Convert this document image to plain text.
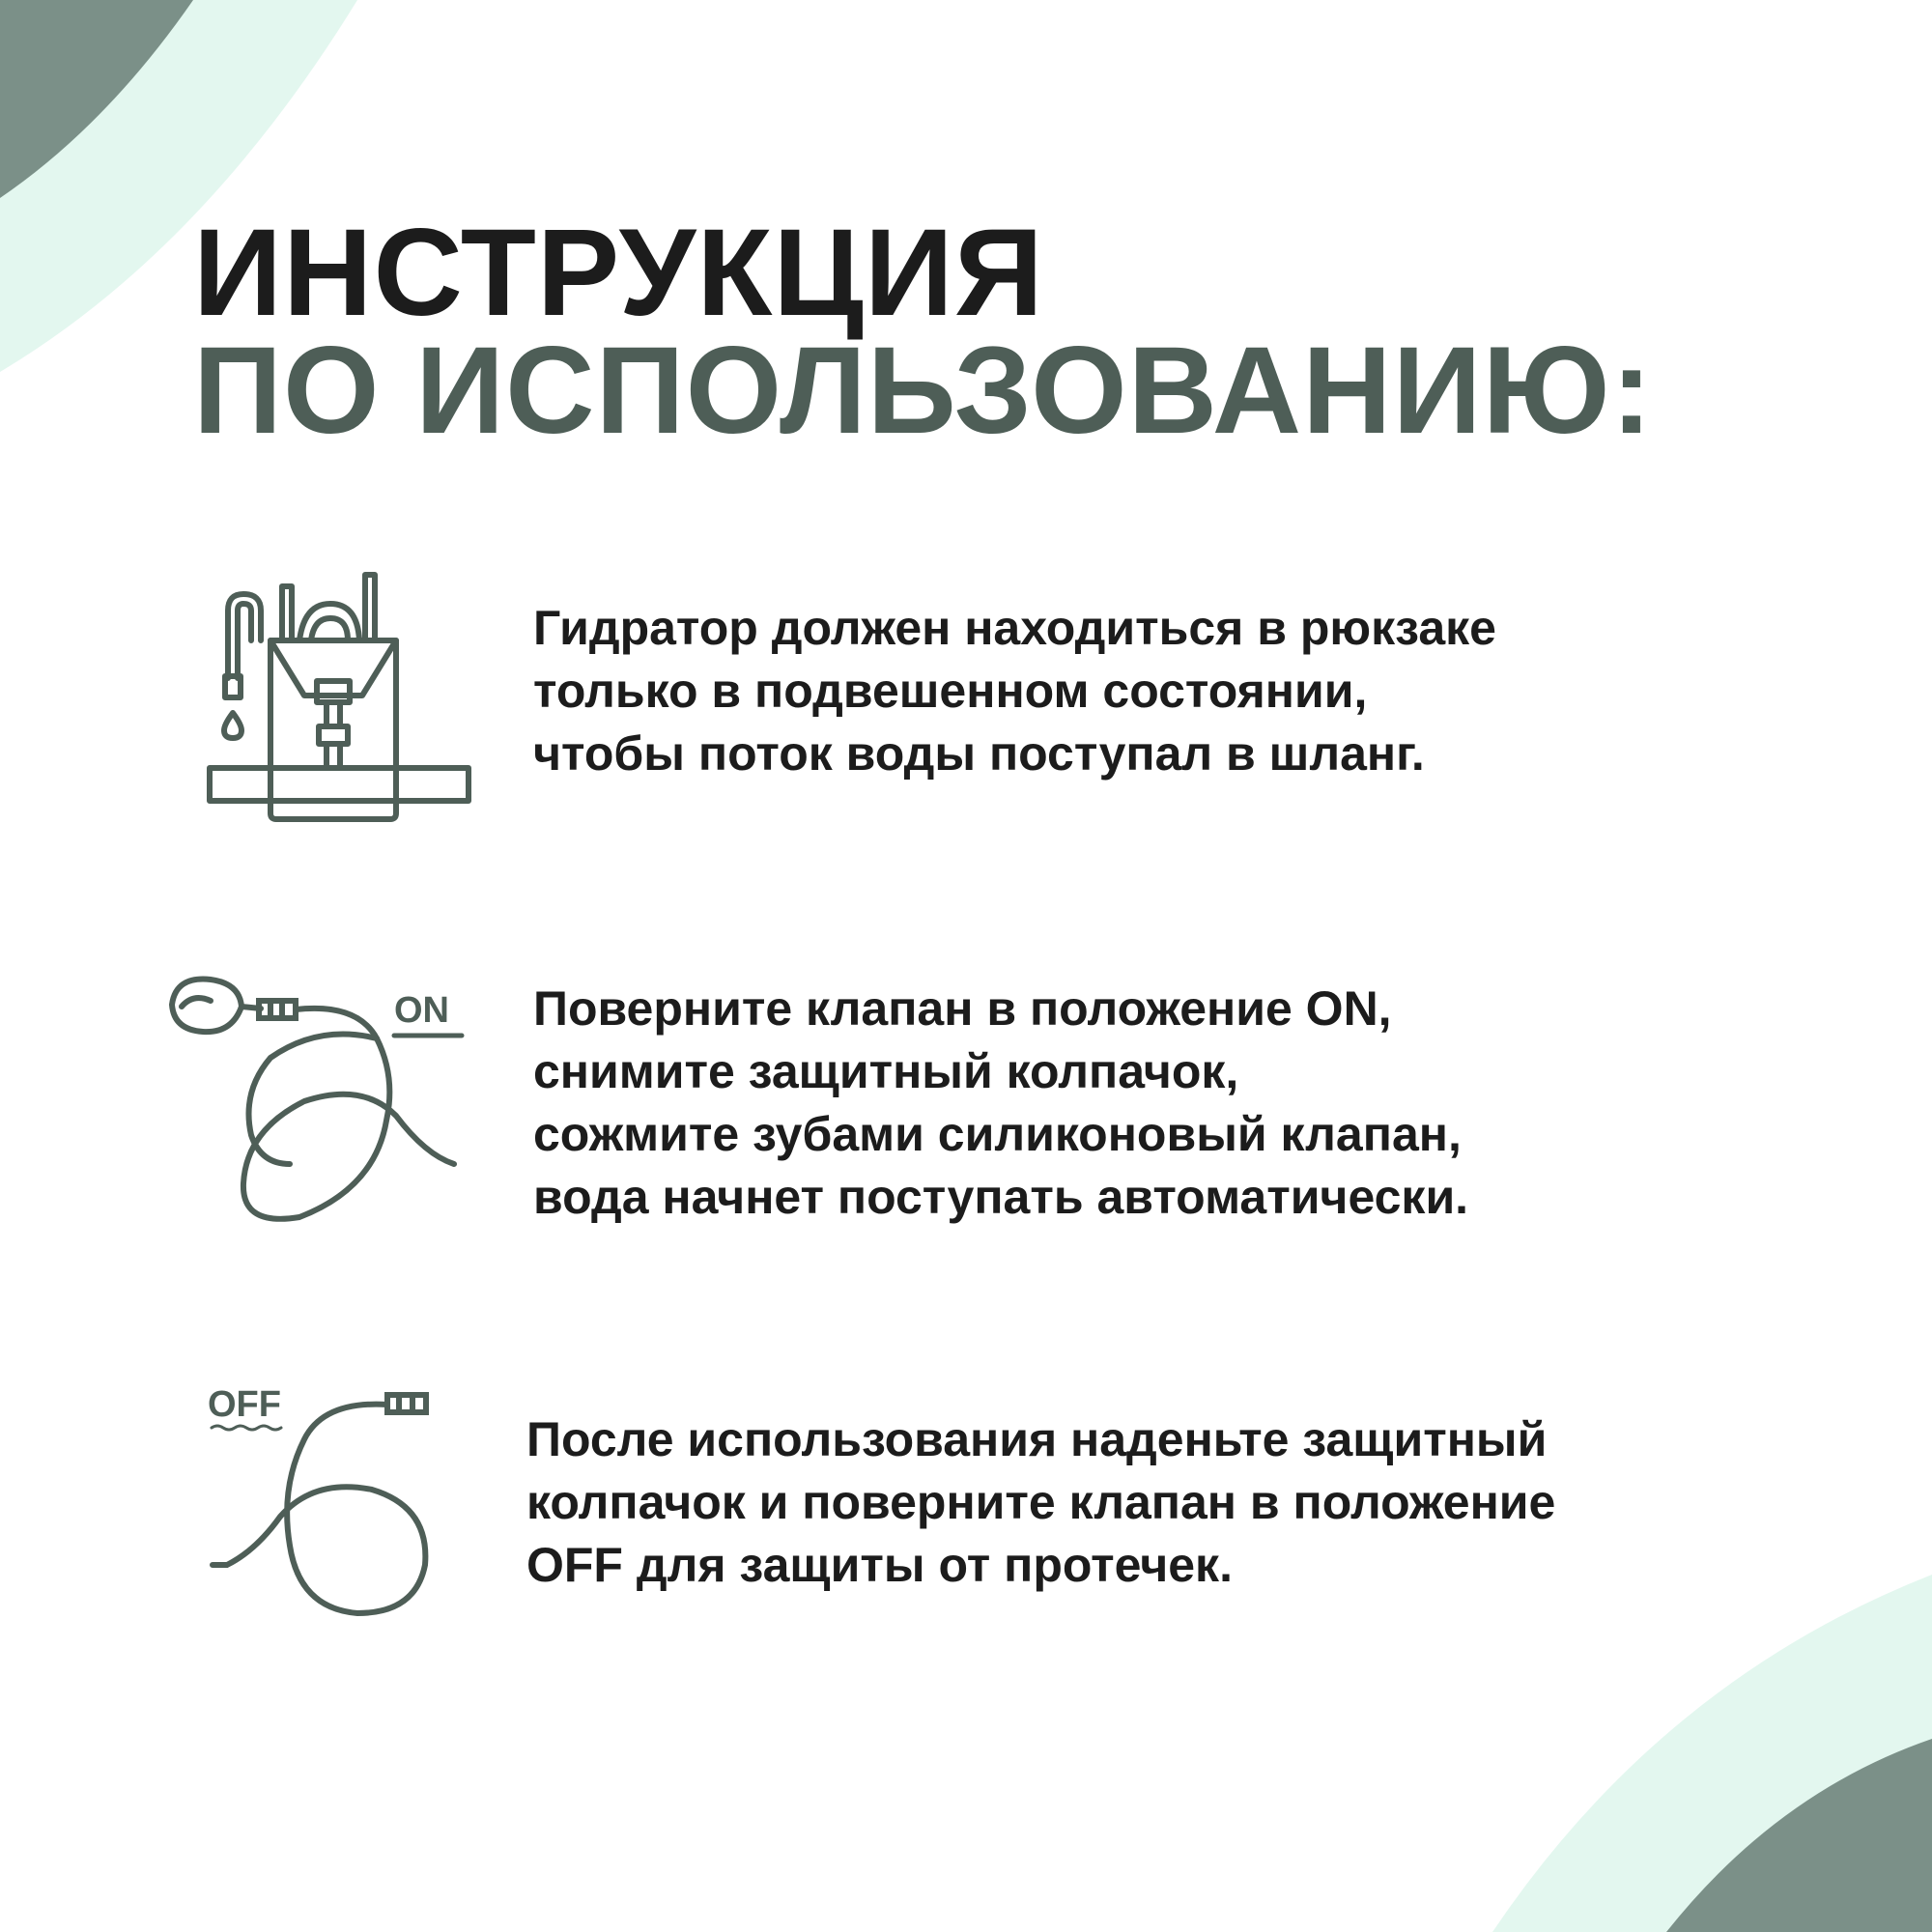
ИНСТРУКЦИЯ
ПО ИСПОЛЬЗОВАНИЮ:

Гидратор должен находиться в рюкзаке
только в подвешенном состоянии,
чтобы поток воды поступал в шланг.

ON Поверните клапан в положение ON,
снимите защитный колпачок,
сожмите зубами силиконовый клапан,
вода начнет поступать автоматически.

OFF

После использования наденьте защитный
колпачок и поверните клапан в положение
OFF для защиты от протечек.
